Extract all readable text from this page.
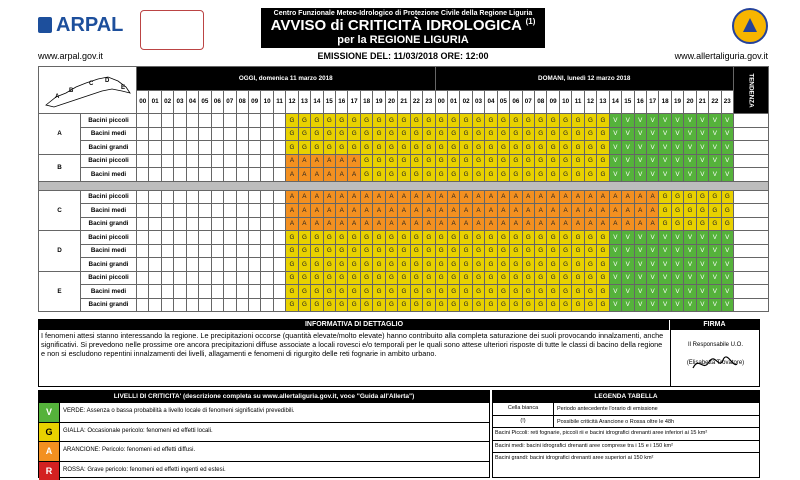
ARPAL
Centro Funzionale Meteo-Idrologico di Protezione Civile della Regione Liguria
AVVISO di CRITICITÀ IDROLOGICA $^{(1)}$
per la REGIONE LIGURIA
www.arpal.gov.it	EMISSIONE DEL: 11/03/2018 ORE: 12:00	www.allertaliguria.gov.it
A
B
C D
E		OGGI, domenica 11 marzo 2018																								DOMANI, lunedì 12 marzo 2018																								TENDENZA
		00	01	02	03	04	05	06	07	08	09	10	11	12	13	14	15	16	17	18	19	20	21	22	23	00	01	02	03	04	05	06	07	08	09	10	11	12	13	14	15	16	17	18	19	20	21	22	23	
A	Bacini piccoli													G	G	G	G	G	G	G	G	G	G	G	G	G	G	G	G	G	G	G	G	G	G	G	G	G	G	V	V	V	V	V	V	V	V	V	V	
	Bacini medi													G	G	G	G	G	G	G	G	G	G	G	G	G	G	G	G	G	G	G	G	G	G	G	G	G	G	V	V	V	V	V	V	V	V	V	V	
	Bacini grandi													G	G	G	G	G	G	G	G	G	G	G	G	G	G	G	G	G	G	G	G	G	G	G	G	G	G	V	V	V	V	V	V	V	V	V	V	
B	Bacini piccoli													A	A	A	A	A	A	G	G	G	G	G	G	G	G	G	G	G	G	G	G	G	G	G	G	G	G	V	V	V	V	V	V	V	V	V	V	
	Bacini medi													A	A	A	A	A	A	G	G	G	G	G	G	G	G	G	G	G	G	G	G	G	G	G	G	G	G	V	V	V	V	V	V	V	V	V	V	

C	Bacini piccoli													A	A	A	A	A	A	A	A	A	A	A	A	A	A	A	A	A	A	A	A	A	A	A	A	A	A	A	A	A	A	G	G	G	G	G	G	
	Bacini medi													A	A	A	A	A	A	A	A	A	A	A	A	A	A	A	A	A	A	A	A	A	A	A	A	A	A	A	A	A	A	G	G	G	G	G	G	
	Bacini grandi													A	A	A	A	A	A	A	A	A	A	A	A	A	A	A	A	A	A	A	A	A	A	A	A	A	A	A	A	A	A	G	G	G	G	G	G	
D	Bacini piccoli													G	G	G	G	G	G	G	G	G	G	G	G	G	G	G	G	G	G	G	G	G	G	G	G	G	G	V	V	V	V	V	V	V	V	V	V	
	Bacini medi													G	G	G	G	G	G	G	G	G	G	G	G	G	G	G	G	G	G	G	G	G	G	G	G	G	G	V	V	V	V	V	V	V	V	V	V	
	Bacini grandi													G	G	G	G	G	G	G	G	G	G	G	G	G	G	G	G	G	G	G	G	G	G	G	G	G	G	V	V	V	V	V	V	V	V	V	V	
E	Bacini piccoli													G	G	G	G	G	G	G	G	G	G	G	G	G	G	G	G	G	G	G	G	G	G	G	G	G	G	V	V	V	V	V	V	V	V	V	V	
	Bacini medi													G	G	G	G	G	G	G	G	G	G	G	G	G	G	G	G	G	G	G	G	G	G	G	G	G	G	V	V	V	V	V	V	V	V	V	V	
	Bacini grandi													G	G	G	G	G	G	G	G	G	G	G	G	G	G	G	G	G	G	G	G	G	G	G	G	G	G	V	V	V	V	V	V	V	V	V	V	
INFORMATIVA DI DETTAGLIO	FIRMA
I fenomeni attesi stanno interessando la regione. Le precipitazioni occorse (quantità elevate/molto elevate) hanno contribuito alla completa saturazione dei suoli provocando innalzamenti, anche significativi. Si prevedono nelle prossime ore ancora precipitazioni diffuse associate a locali rovesci e/o temporali per le quali sono attese ulteriori risposte di tutte le classi di bacino della regione e non si escludono repentini innalzamenti dei livelli, allagamenti e fenomeni di rigurgito delle reti fognarie in ambito urbano.
Il Responsabile U.O.
(Elisabetta Trovatore)
LIVELLI DI CRITICITA' (descrizione completa su www.allertaliguria.gov.it, voce "Guida all'Allerta")
V	VERDE: Assenza o bassa probabilità a livello locale di fenomeni significativi prevedibili.
G	GIALLA: Occasionale pericolo: fenomeni ed effetti locali.
A	ARANCIONE: Pericolo: fenomeni ed effetti diffusi.
R	ROSSA: Grave pericolo: fenomeni ed effetti ingenti ed estesi.
LEGENDA TABELLA
Cella bianca	Periodo antecedente l'orario di emissione
(!)	Possibile criticità Arancione o Rossa oltre le 48h
Bacini Piccoli: reti fognarie, piccoli rii e bacini idrografici drenanti aree inferiori ai 15 km²
Bacini medi: bacini idrografici drenanti aree comprese tra i 15 e i 150 km²
Bacini grandi: bacini idrografici drenanti aree superiori ai 150 km²
